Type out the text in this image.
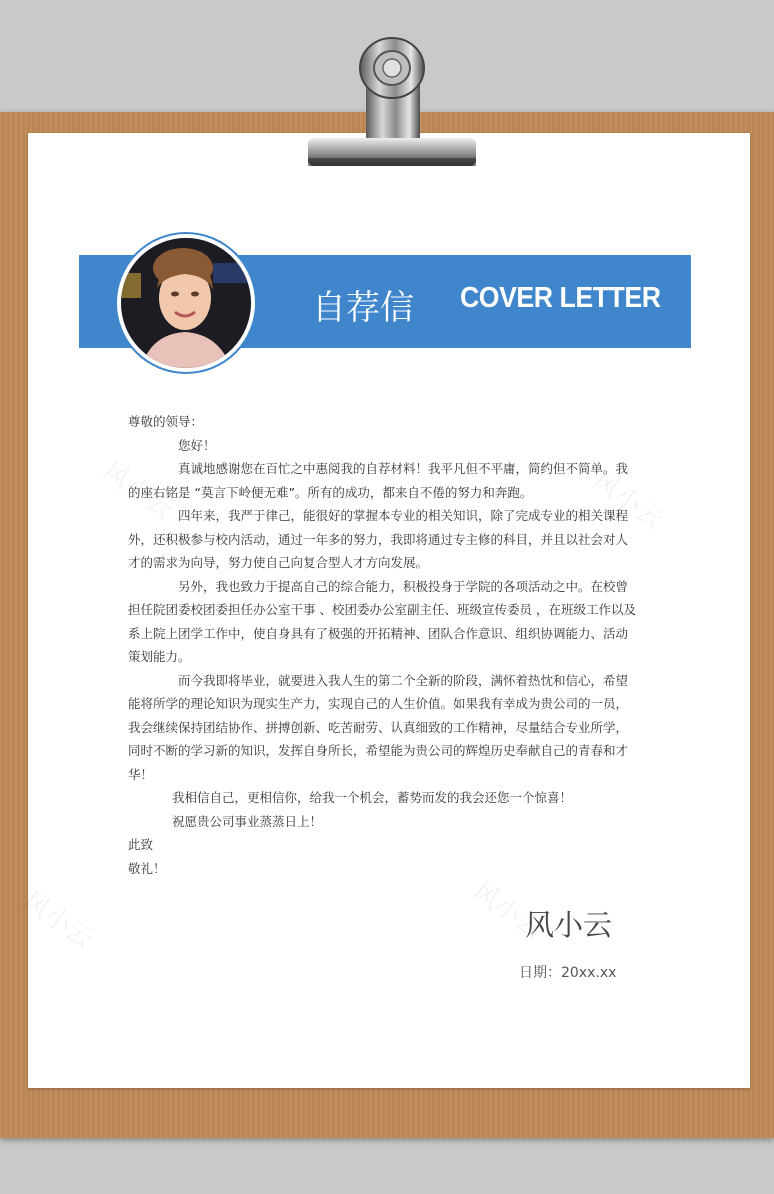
自荐信 COVER LETTER
风小云	风小云
风小云	风小云

尊敬的领导：

您好！

真诚地感谢您在百忙之中惠阅我的自荐材料！我平凡但不平庸，简约但不简单。我的座右铭是 “莫言下岭便无难”。所有的成功，都来自不倦的努力和奔跑。

四年来，我严于律己，能很好的掌握本专业的相关知识，除了完成专业的相关课程外，还积极参与校内活动，通过一年多的努力，我即将通过专主修的科目，并且以社会对人才的需求为向导，努力使自己向复合型人才方向发展。

另外，我也致力于提高自己的综合能力，积极投身于学院的各项活动之中。在校曾担任院团委校团委担任办公室干事 、校团委办公室副主任、班级宣传委员 ，在班级工作以及系上院上团学工作中，使自身具有了极强的开拓精神、团队合作意识、组织协调能力、活动策划能力。

而今我即将毕业，就要进入我人生的第二个全新的阶段，满怀着热忱和信心，希望能将所学的理论知识为现实生产力，实现自己的人生价值。如果我有幸成为贵公司的一员，我会继续保持团结协作、拼搏创新、吃苦耐劳、认真细致的工作精神，尽量结合专业所学，同时不断的学习新的知识，发挥自身所长，希望能为贵公司的辉煌历史奉献自己的青春和才华！

我相信自己，更相信你，给我一个机会，蓄势而发的我会还您一个惊喜！

祝愿贵公司事业蒸蒸日上！

此致

敬礼！

风小云
日期：20xx.xx
